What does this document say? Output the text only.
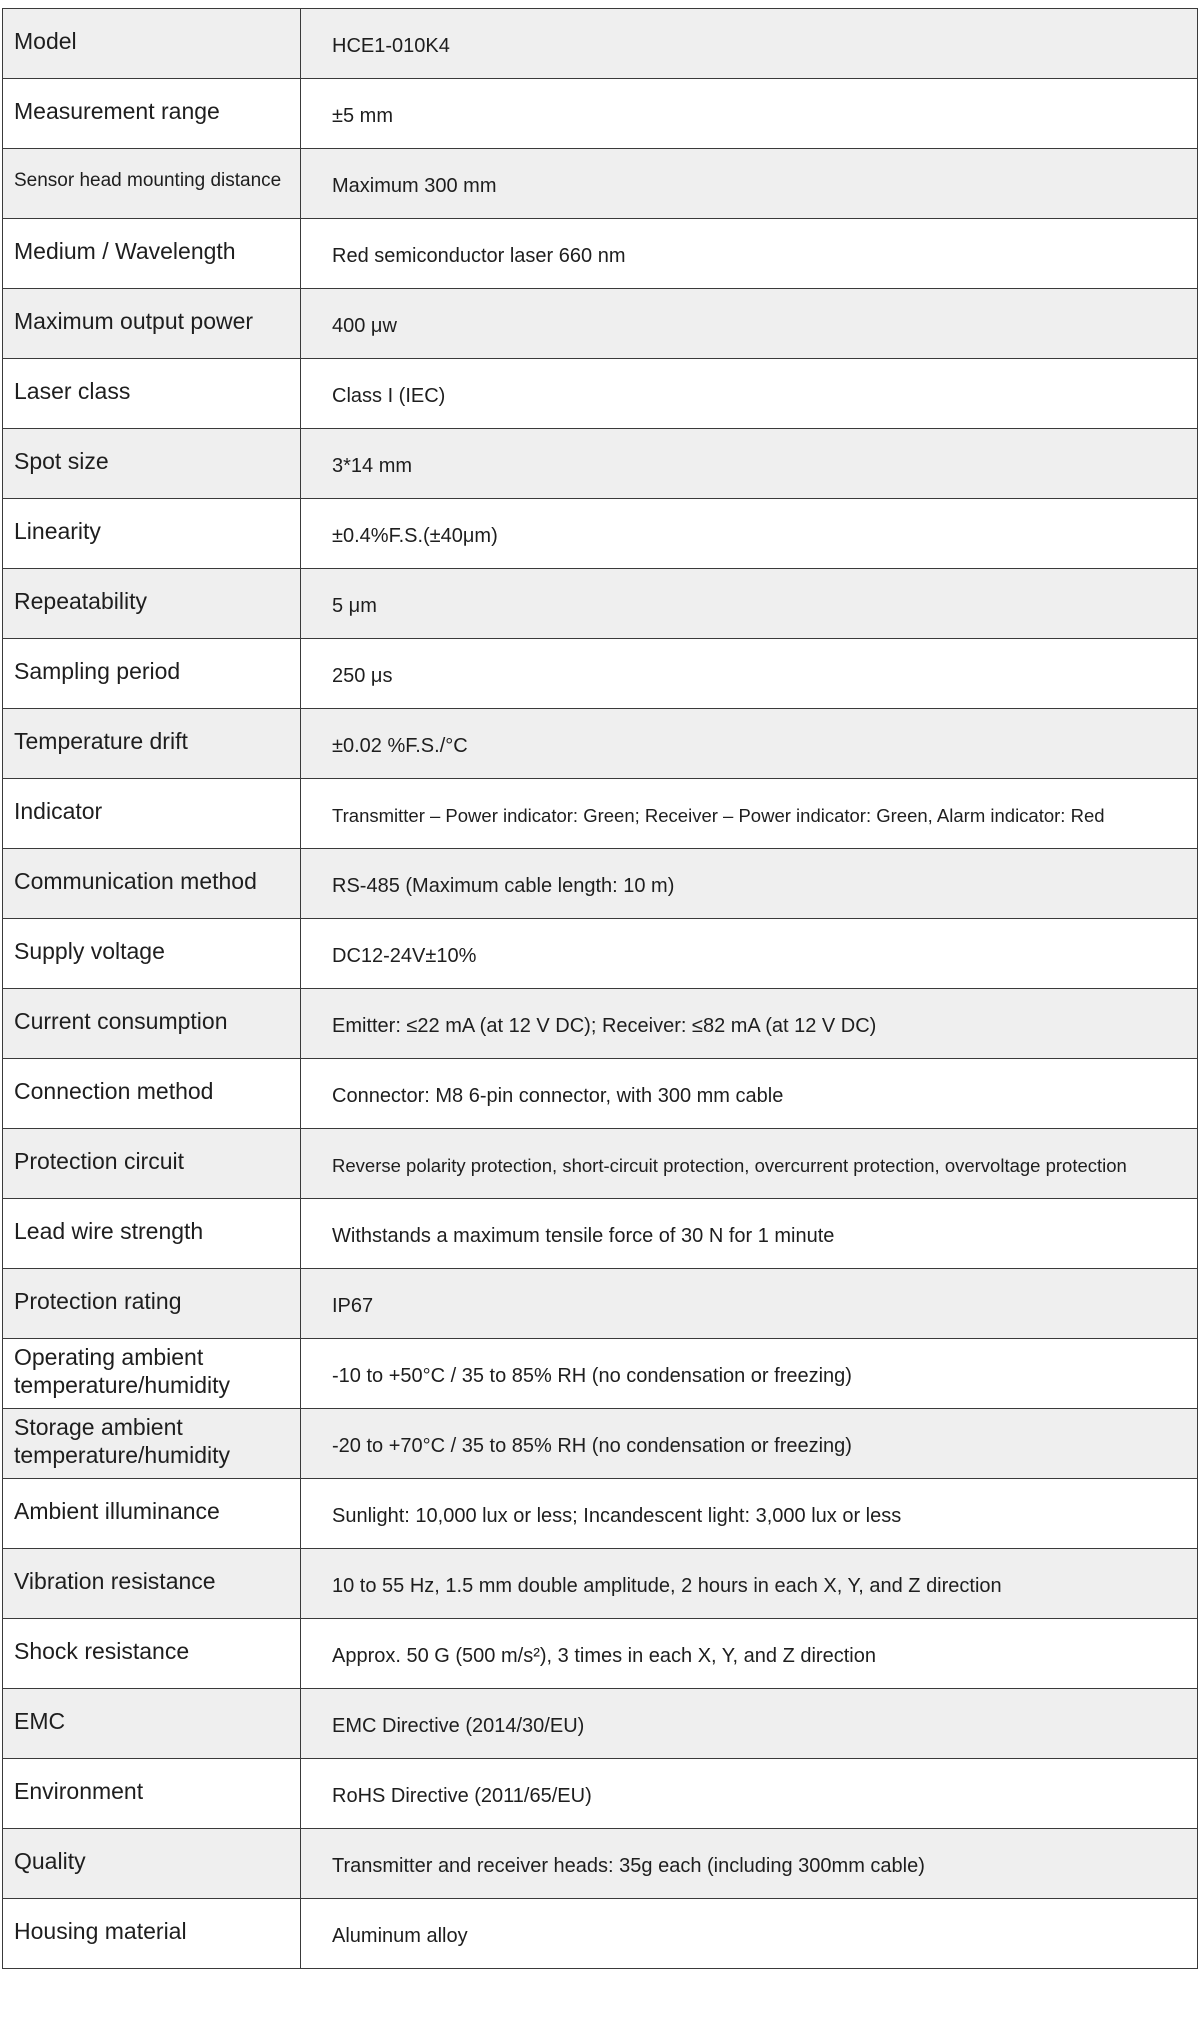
Model	HCE1-010K4
Measurement range	±5 mm
Sensor head mounting distance	Maximum 300 mm
Medium / Wavelength	Red semiconductor laser 660 nm
Maximum output power	400 μw
Laser class	Class I (IEC)
Spot size	3*14 mm
Linearity	±0.4%F.S.(±40μm)
Repeatability	5 μm
Sampling period	250 μs
Temperature drift	±0.02 %F.S./°C
Indicator	Transmitter – Power indicator: Green; Receiver – Power indicator: Green, Alarm indicator: Red
Communication method	RS-485 (Maximum cable length: 10 m)
Supply voltage	DC12-24V±10%
Current consumption	Emitter: ≤22 mA (at 12 V DC); Receiver: ≤82 mA (at 12 V DC)
Connection method	Connector: M8 6-pin connector, with 300 mm cable
Protection circuit	Reverse polarity protection, short-circuit protection, overcurrent protection, overvoltage protection
Lead wire strength	Withstands a maximum tensile force of 30 N for 1 minute
Protection rating	IP67
Operating ambient temperature/humidity	-10 to +50°C / 35 to 85% RH (no condensation or freezing)
Storage ambient temperature/humidity	-20 to +70°C / 35 to 85% RH (no condensation or freezing)
Ambient illuminance	Sunlight: 10,000 lux or less; Incandescent light: 3,000 lux or less
Vibration resistance	10 to 55 Hz, 1.5 mm double amplitude, 2 hours in each X, Y, and Z direction
Shock resistance	Approx. 50 G (500 m/s²), 3 times in each X, Y, and Z direction
EMC	EMC Directive (2014/30/EU)
Environment	RoHS Directive (2011/65/EU)
Quality	Transmitter and receiver heads: 35g each (including 300mm cable)
Housing material	Aluminum alloy
